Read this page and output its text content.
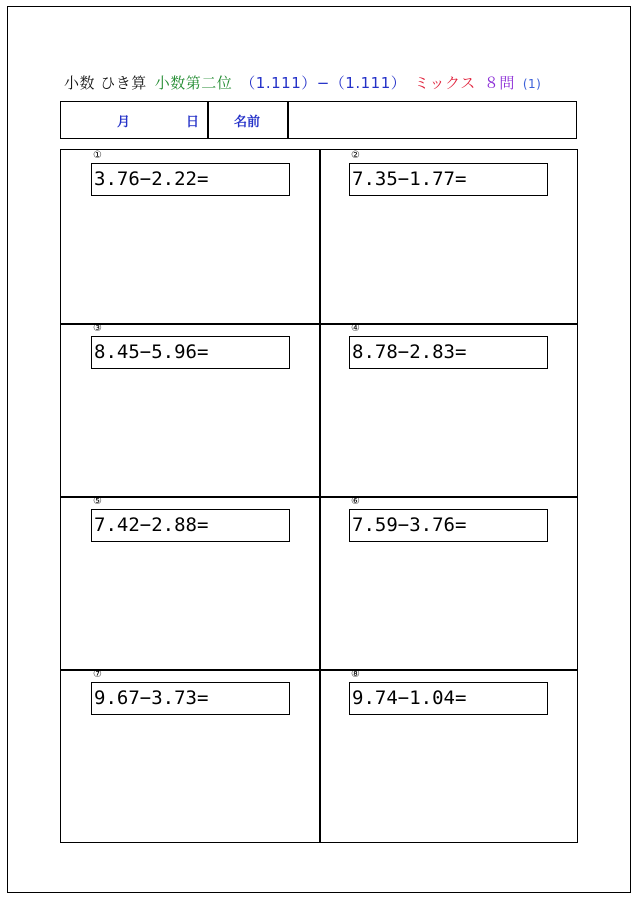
小数 ひき算 小数第二位 （1.111）−（1.111） ミックス ８問 (1)
月	日	名前
①
3.76−2.22=
②
7.35−1.77=
③
8.45−5.96=
④
8.78−2.83=
⑤
7.42−2.88=
⑥
7.59−3.76=
⑦
9.67−3.73=
⑧
9.74−1.04=
